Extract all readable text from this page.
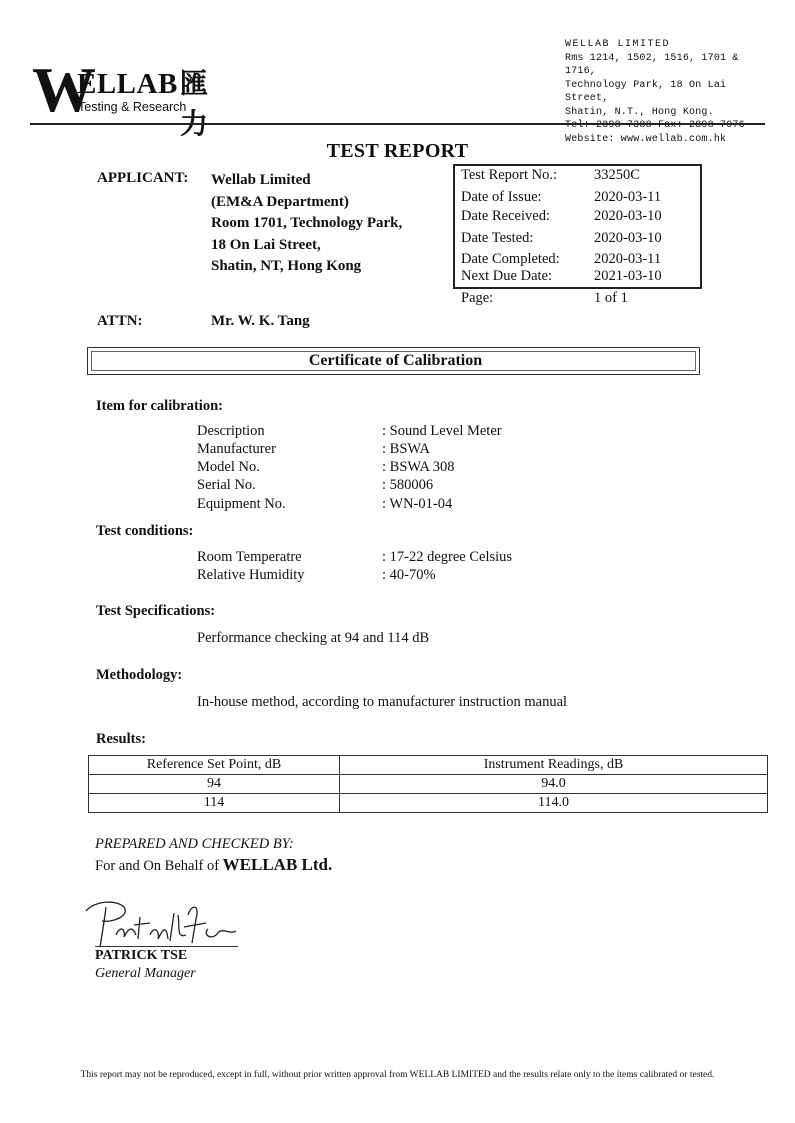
W
ELLAB 匯力
Testing & Research
WELLAB LIMITED
Rms 1214, 1502, 1516, 1701 & 1716,
Technology Park, 18 On Lai Street,
Shatin, N.T., Hong Kong.
Tel: 2898 7388 Fax: 2898 7076
Website: www.wellab.com.hk
TEST REPORT
APPLICANT: Wellab Limited
(EM&A Department)
Room 1701, Technology Park,
18 On Lai Street,
Shatin, NT, Hong Kong
Test Report No.:	33250C
Date of Issue:	2020-03-11
Date Received:	2020-03-10
Date Tested:	2020-03-10
Date Completed: 2020-03-11
Next Due Date:	2021-03-10
Page:	1 of 1
ATTN:	Mr. W. K. Tang
Certificate of Calibration
Item for calibration:
Description	: Sound Level Meter
Manufacturer	: BSWA
Model No.	: BSWA 308
Serial No.	: 580006
Equipment No.	: WN-01-04
Test conditions:
Room Temperatre	: 17-22 degree Celsius
Relative Humidity	: 40-70%
Test Specifications:
Performance checking at 94 and 114 dB
Methodology:
In-house method, according to manufacturer instruction manual
Results:
Reference Set Point, dB	Instrument Readings, dB
94	94.0
114	114.0
PREPARED AND CHECKED BY:
For and On Behalf of WELLAB Ltd.
PATRICK TSE
General Manager
This report may not be reproduced, except in full, without prior written approval from WELLAB LIMITED and the results relate only to the items calibrated or tested.
